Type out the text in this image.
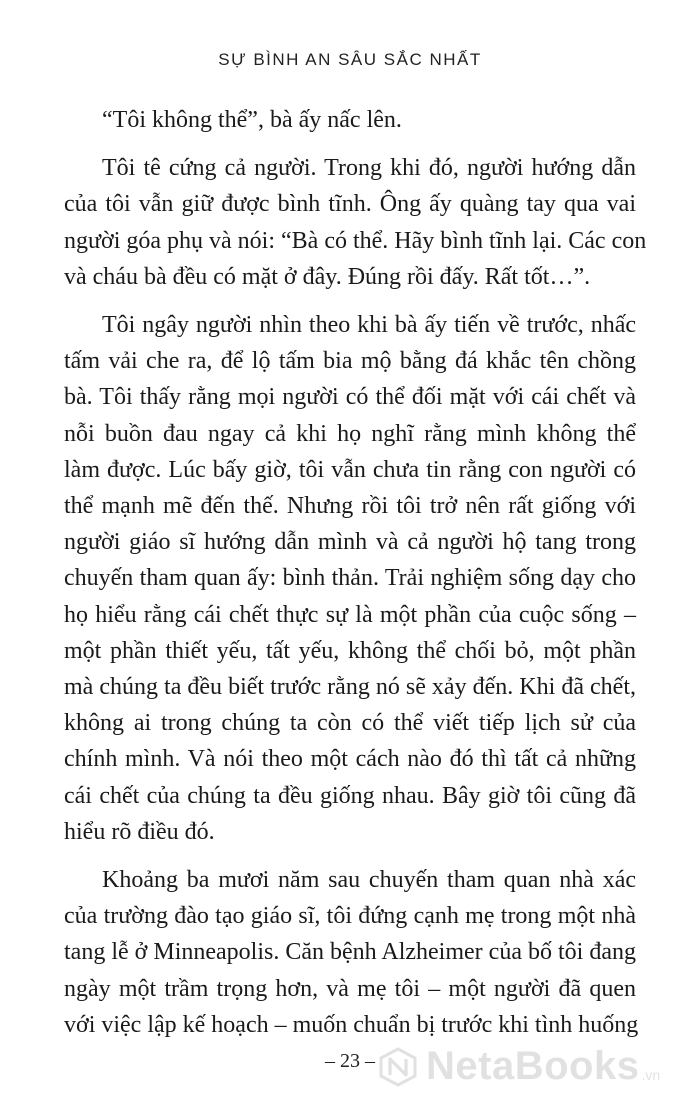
SỰ BÌNH AN SÂU SẮC NHẤT
“Tôi không thể”, bà ấy nấc lên.
Tôi tê cứng cả người. Trong khi đó, người hướng dẫn
của tôi vẫn giữ được bình tĩnh. Ông ấy quàng tay qua vai
người góa phụ và nói: “Bà có thể. Hãy bình tĩnh lại. Các con
và cháu bà đều có mặt ở đây. Đúng rồi đấy. Rất tốt…”.
Tôi ngây người nhìn theo khi bà ấy tiến về trước, nhấc
tấm vải che ra, để lộ tấm bia mộ bằng đá khắc tên chồng
bà. Tôi thấy rằng mọi người có thể đối mặt với cái chết và
nỗi buồn đau ngay cả khi họ nghĩ rằng mình không thể
làm được. Lúc bấy giờ, tôi vẫn chưa tin rằng con người có
thể mạnh mẽ đến thế. Nhưng rồi tôi trở nên rất giống với
người giáo sĩ hướng dẫn mình và cả người hộ tang trong
chuyến tham quan ấy: bình thản. Trải nghiệm sống dạy cho
họ hiểu rằng cái chết thực sự là một phần của cuộc sống –
một phần thiết yếu, tất yếu, không thể chối bỏ, một phần
mà chúng ta đều biết trước rằng nó sẽ xảy đến. Khi đã chết,
không ai trong chúng ta còn có thể viết tiếp lịch sử của
chính mình. Và nói theo một cách nào đó thì tất cả những
cái chết của chúng ta đều giống nhau. Bây giờ tôi cũng đã
hiểu rõ điều đó.
Khoảng ba mươi năm sau chuyến tham quan nhà xác
của trường đào tạo giáo sĩ, tôi đứng cạnh mẹ trong một nhà
tang lễ ở Minneapolis. Căn bệnh Alzheimer của bố tôi đang
ngày một trầm trọng hơn, và mẹ tôi – một người đã quen
với việc lập kế hoạch – muốn chuẩn bị trước khi tình huống
– 23 –	NetaBooks .vn
